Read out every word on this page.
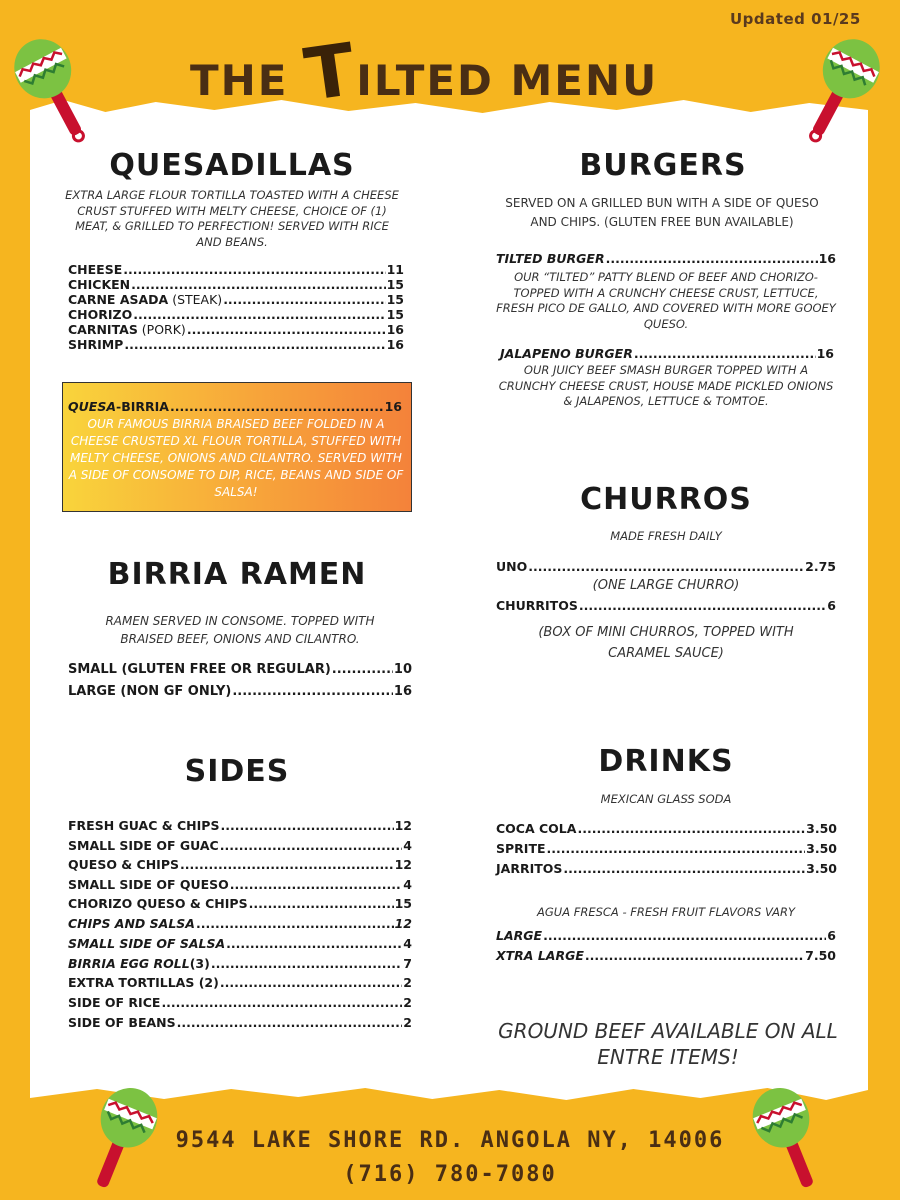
Updated 01/25
THE TILTED MENU
QUESADILLAS
EXTRA LARGE FLOUR TORTILLA TOASTED WITH A CHEESE CRUST STUFFED WITH MELTY CHEESE, CHOICE OF (1) MEAT, & GRILLED TO PERFECTION! SERVED WITH RICE AND BEANS.
CHEESE .....	11
CHICKEN .....	15
CARNE ASADA (STEAK) .....	15
CHORIZO .....	15
CARNITAS (PORK) .....	16
SHRIMP .....	16
QUESA-BIRRIA .....	16
OUR FAMOUS BIRRIA BRAISED BEEF FOLDED IN A CHEESE CRUSTED XL FLOUR TORTILLA, STUFFED WITH MELTY CHEESE, ONIONS AND CILANTRO. SERVED WITH A SIDE OF CONSOME TO DIP, RICE, BEANS AND SIDE OF SALSA!
BIRRIA RAMEN
RAMEN SERVED IN CONSOME. TOPPED WITH BRAISED BEEF, ONIONS AND CILANTRO.
SMALL (GLUTEN FREE OR REGULAR) .....	10
LARGE (NON GF ONLY) .....	16
SIDES
FRESH GUAC & CHIPS .....	12
SMALL SIDE OF GUAC .....	4
QUESO & CHIPS .....	12
SMALL SIDE OF QUESO .....	4
CHORIZO QUESO & CHIPS .....	15
CHIPS AND SALSA .....	12
SMALL SIDE OF SALSA .....	4
BIRRIA EGG ROLL(3) .....	7
EXTRA TORTILLAS (2) .....	2
SIDE OF RICE .....	2
SIDE OF BEANS .....	2
BURGERS
SERVED ON A GRILLED BUN WITH A SIDE OF QUESO AND CHIPS. (GLUTEN FREE BUN AVAILABLE)
TILTED BURGER .....	16
OUR “TILTED” PATTY BLEND OF BEEF AND CHORIZO- TOPPED WITH A CRUNCHY CHEESE CRUST, LETTUCE, FRESH PICO DE GALLO, AND COVERED WITH MORE GOOEY QUESO.
JALAPENO BURGER .....	16
OUR JUICY BEEF SMASH BURGER TOPPED WITH A CRUNCHY CHEESE CRUST, HOUSE MADE PICKLED ONIONS & JALAPENOS, LETTUCE & TOMTOE.
CHURROS
MADE FRESH DAILY
UNO .....	2.75
(ONE LARGE CHURRO)
CHURRITOS .....	6
(BOX OF MINI CHURROS, TOPPED WITH CARAMEL SAUCE)
DRINKS
MEXICAN GLASS SODA
COCA COLA .....	3.50
SPRITE .....	3.50
JARRITOS .....	3.50
AGUA FRESCA - FRESH FRUIT FLAVORS VARY
LARGE .....	6
XTRA LARGE .....	7.50
GROUND BEEF AVAILABLE ON ALL ENTRE ITEMS!
9544 LAKE SHORE RD. ANGOLA NY, 14006
(716) 780-7080
